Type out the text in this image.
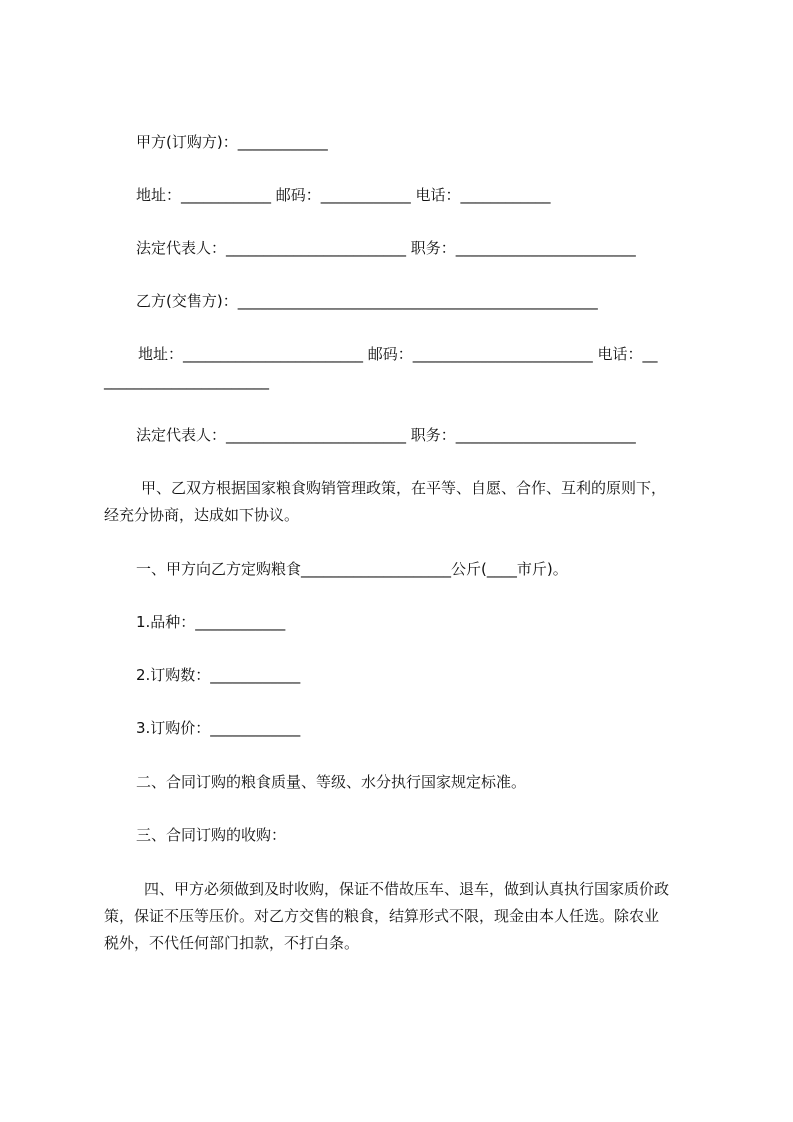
甲方(订购方)：____________
地址：____________ 邮码：____________ 电话：____________
法定代表人：________________________ 职务：________________________
乙方(交售方)：________________________________________________
地址：________________________ 邮码：________________________ 电话：__
______________________
法定代表人：________________________ 职务：________________________
甲、乙双方根据国家粮食购销管理政策，在平等、自愿、合作、互利的原则下，
经充分协商，达成如下协议。
一、甲方向乙方定购粮食____________________公斤(____市斤)。
1.品种：____________
2.订购数：____________
3.订购价：____________
二、合同订购的粮食质量、等级、水分执行国家规定标准。
三、合同订购的收购：
四、甲方必须做到及时收购，保证不借故压车、退车，做到认真执行国家质价政
策，保证不压等压价。对乙方交售的粮食，结算形式不限，现金由本人任选。除农业
税外，不代任何部门扣款，不打白条。
